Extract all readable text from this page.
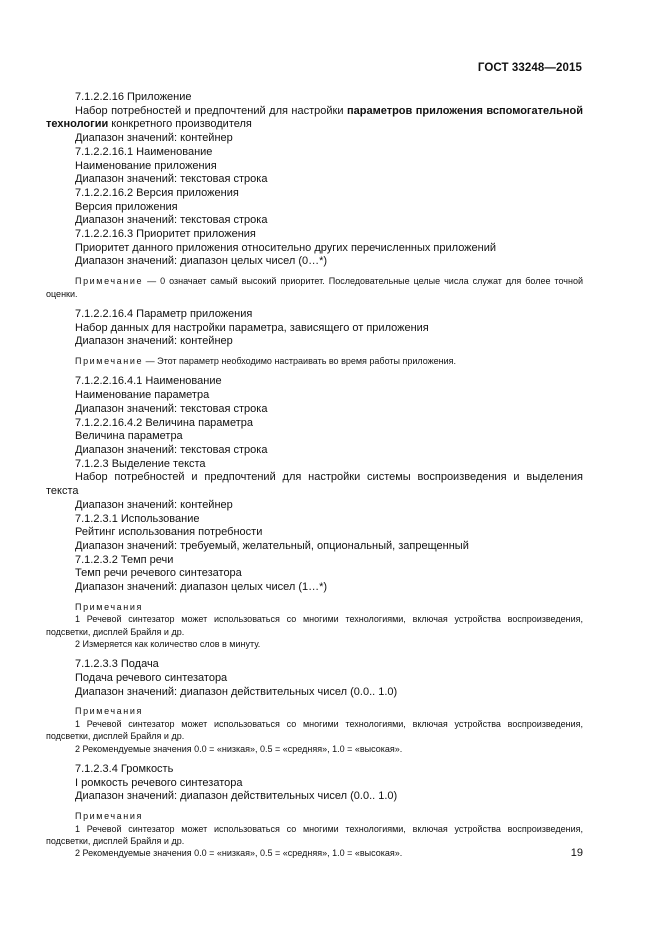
ГОСТ 33248—2015

7.1.2.2.16 Приложение

Набор потребностей и предпочтений для настройки параметров приложения вспомогательной технологии конкретного производителя

Диапазон значений: контейнер

7.1.2.2.16.1 Наименование

Наименование приложения

Диапазон значений: текстовая строка

7.1.2.2.16.2 Версия приложения

Версия приложения

Диапазон значений: текстовая строка

7.1.2.2.16.3 Приоритет приложения

Приоритет данного приложения относительно других перечисленных приложений

Диапазон значений: диапазон целых чисел (0…*)

Примечание — 0 означает самый высокий приоритет. Последовательные целые числа служат для более точной оценки.

7.1.2.2.16.4 Параметр приложения

Набор данных для настройки параметра, зависящего от приложения

Диапазон значений: контейнер

Примечание — Этот параметр необходимо настраивать во время работы приложения.

7.1.2.2.16.4.1 Наименование

Наименование параметра

Диапазон значений: текстовая строка

7.1.2.2.16.4.2 Величина параметра

Величина параметра

Диапазон значений: текстовая строка

7.1.2.3 Выделение текста

Набор потребностей и предпочтений для настройки системы воспроизведения и выделения текста

Диапазон значений: контейнер

7.1.2.3.1 Использование

Рейтинг использования потребности

Диапазон значений: требуемый, желательный, опциональный, запрещенный

7.1.2.3.2 Темп речи

Темп речи речевого синтезатора

Диапазон значений: диапазон целых чисел (1…*)

Примечания

1 Речевой синтезатор может использоваться со многими технологиями, включая устройства воспроизведения, подсветки, дисплей Брайля и др.

2 Измеряется как количество слов в минуту.

7.1.2.3.3 Подача

Подача речевого синтезатора

Диапазон значений: диапазон действительных чисел (0.0.. 1.0)

Примечания

1 Речевой синтезатор может использоваться со многими технологиями, включая устройства воспроизведения, подсветки, дисплей Брайля и др.

2 Рекомендуемые значения 0.0 = «низкая», 0.5 = «средняя», 1.0 = «высокая».

7.1.2.3.4 Громкость

I ромкость речевого синтезатора

Диапазон значений: диапазон действительных чисел (0.0.. 1.0)

Примечания

1 Речевой синтезатор может использоваться со многими технологиями, включая устройства воспроизведения, подсветки, дисплей Брайля и др.

2 Рекомендуемые значения 0.0 = «низкая», 0.5 = «средняя», 1.0 = «высокая».	19
